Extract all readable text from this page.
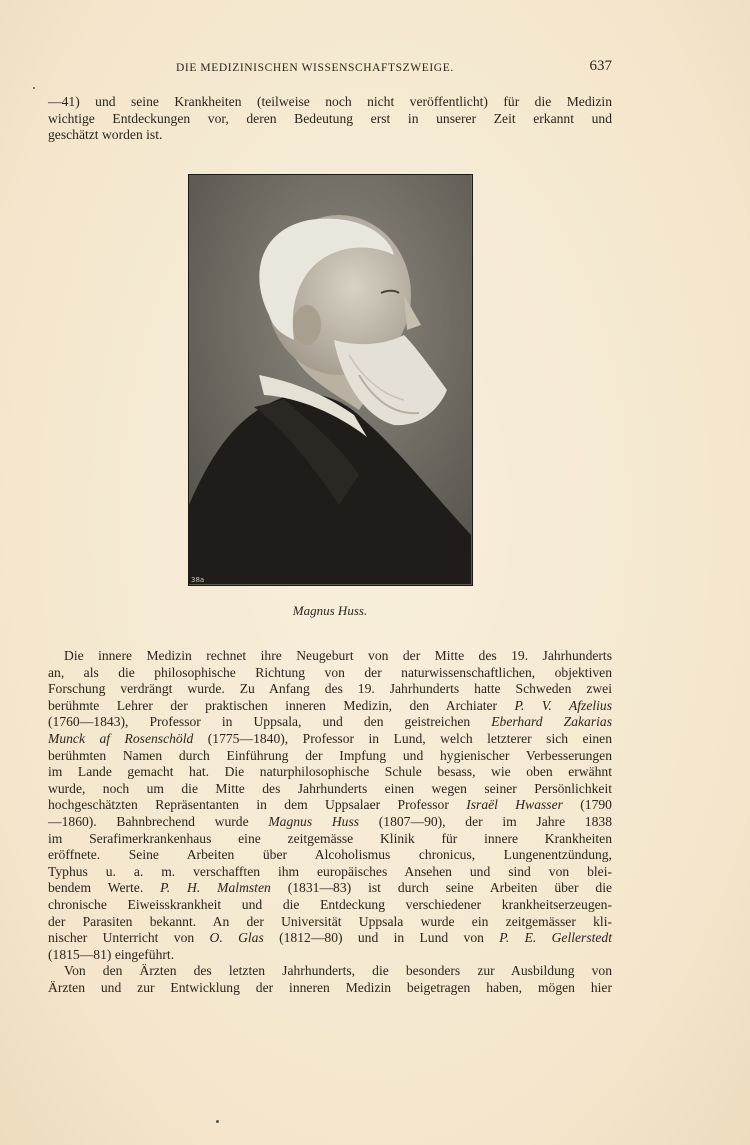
DIE MEDIZINISCHEN WISSENSCHAFTSZWEIGE.	637
—41) und seine Krankheiten (teilweise noch nicht veröffentlicht) für die Medizin
wichtige Entdeckungen vor, deren Bedeutung erst in unserer Zeit erkannt und
geschätzt worden ist.
38a
Magnus Huss.
Die innere Medizin rechnet ihre Neugeburt von der Mitte des 19. Jahrhunderts
an, als die philosophische Richtung von der naturwissenschaftlichen, objektiven
Forschung verdrängt wurde. Zu Anfang des 19. Jahrhunderts hatte Schweden zwei
berühmte Lehrer der praktischen inneren Medizin, den Archiater P. V. Afzelius
(1760—1843), Professor in Uppsala, und den geistreichen Eberhard Zakarias
Munck af Rosenschöld (1775—1840), Professor in Lund, welch letzterer sich einen
berühmten Namen durch Einführung der Impfung und hygienischer Verbesserungen
im Lande gemacht hat. Die naturphilosophische Schule besass, wie oben erwähnt
wurde, noch um die Mitte des Jahrhunderts einen wegen seiner Persönlichkeit
hochgeschätzten Repräsentanten in dem Uppsalaer Professor Israël Hwasser (1790
—1860). Bahnbrechend wurde Magnus Huss (1807—90), der im Jahre 1838
im Serafimerkrankenhaus eine zeitgemässe Klinik für innere Krankheiten
eröffnete. Seine Arbeiten über Alcoholismus chronicus, Lungenentzündung,
Typhus u. a. m. verschafften ihm europäisches Ansehen und sind von blei-
bendem Werte. P. H. Malmsten (1831—83) ist durch seine Arbeiten über die
chronische Eiweisskrankheit und die Entdeckung verschiedener krankheitserzeugen-
der Parasiten bekannt. An der Universität Uppsala wurde ein zeitgemässer kli-
nischer Unterricht von O. Glas (1812—80) und in Lund von P. E. Gellerstedt
(1815—81) eingeführt.
Von den Ärzten des letzten Jahrhunderts, die besonders zur Ausbildung von
Ärzten und zur Entwicklung der inneren Medizin beigetragen haben, mögen hier
